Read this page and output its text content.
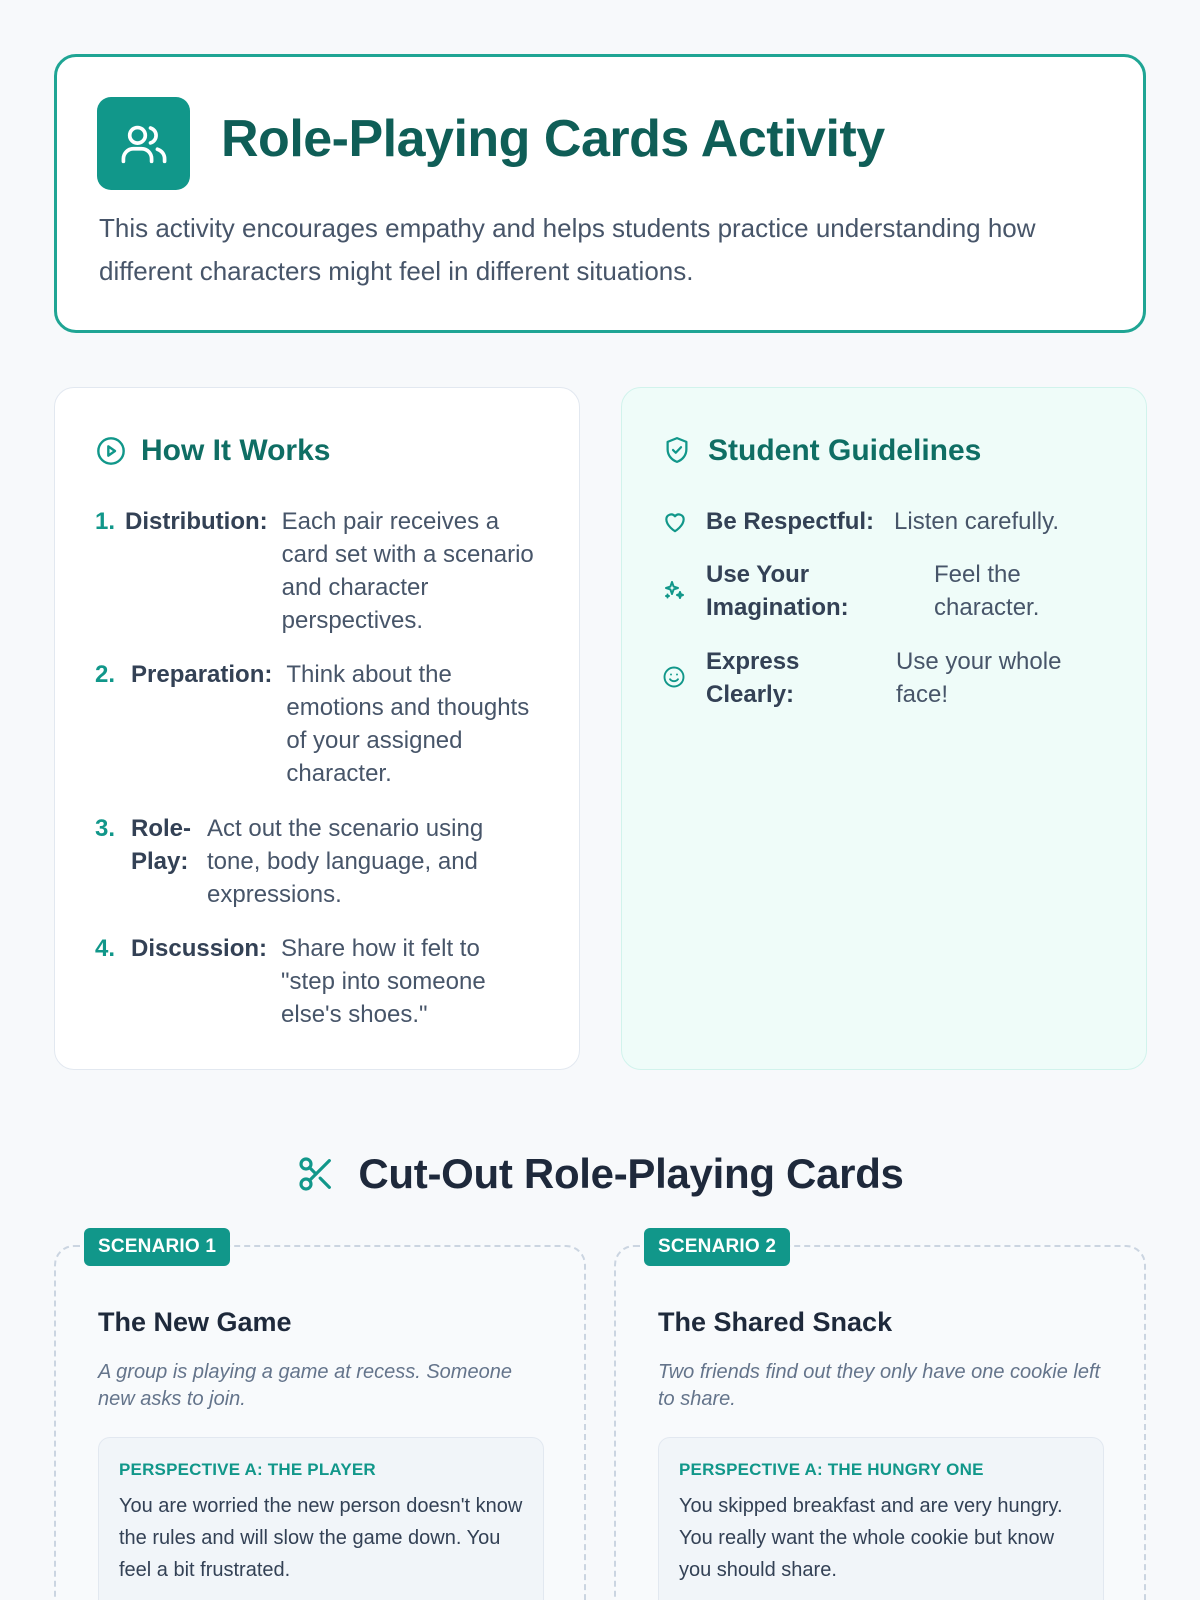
Role-Playing Cards Activity
This activity encourages empathy and helps students practice understanding how different characters might feel in different situations.
How It Works
1. Distribution: Each pair receives a card set with a scenario and character perspectives.
2. Preparation: Think about the emotions and thoughts of your assigned character.
3. Role-Play:
Act out the scenario using tone, body language, and expressions.
4. Discussion: Share how it felt to "step into someone else's shoes."
Student Guidelines
Be Respectful: Listen carefully.
Use Your Imagination:
Feel the character.
Express Clearly:
Use your whole face!
Cut-Out Role-Playing Cards
SCENARIO 1
The New Game
A group is playing a game at recess. Someone new asks to join.
PERSPECTIVE A: THE PLAYER
You are worried the new person doesn't know the rules and will slow the game down. You feel a bit frustrated.
SCENARIO 2
The Shared Snack
Two friends find out they only have one cookie left to share.
PERSPECTIVE A: THE HUNGRY ONE
You skipped breakfast and are very hungry. You really want the whole cookie but know you should share.
